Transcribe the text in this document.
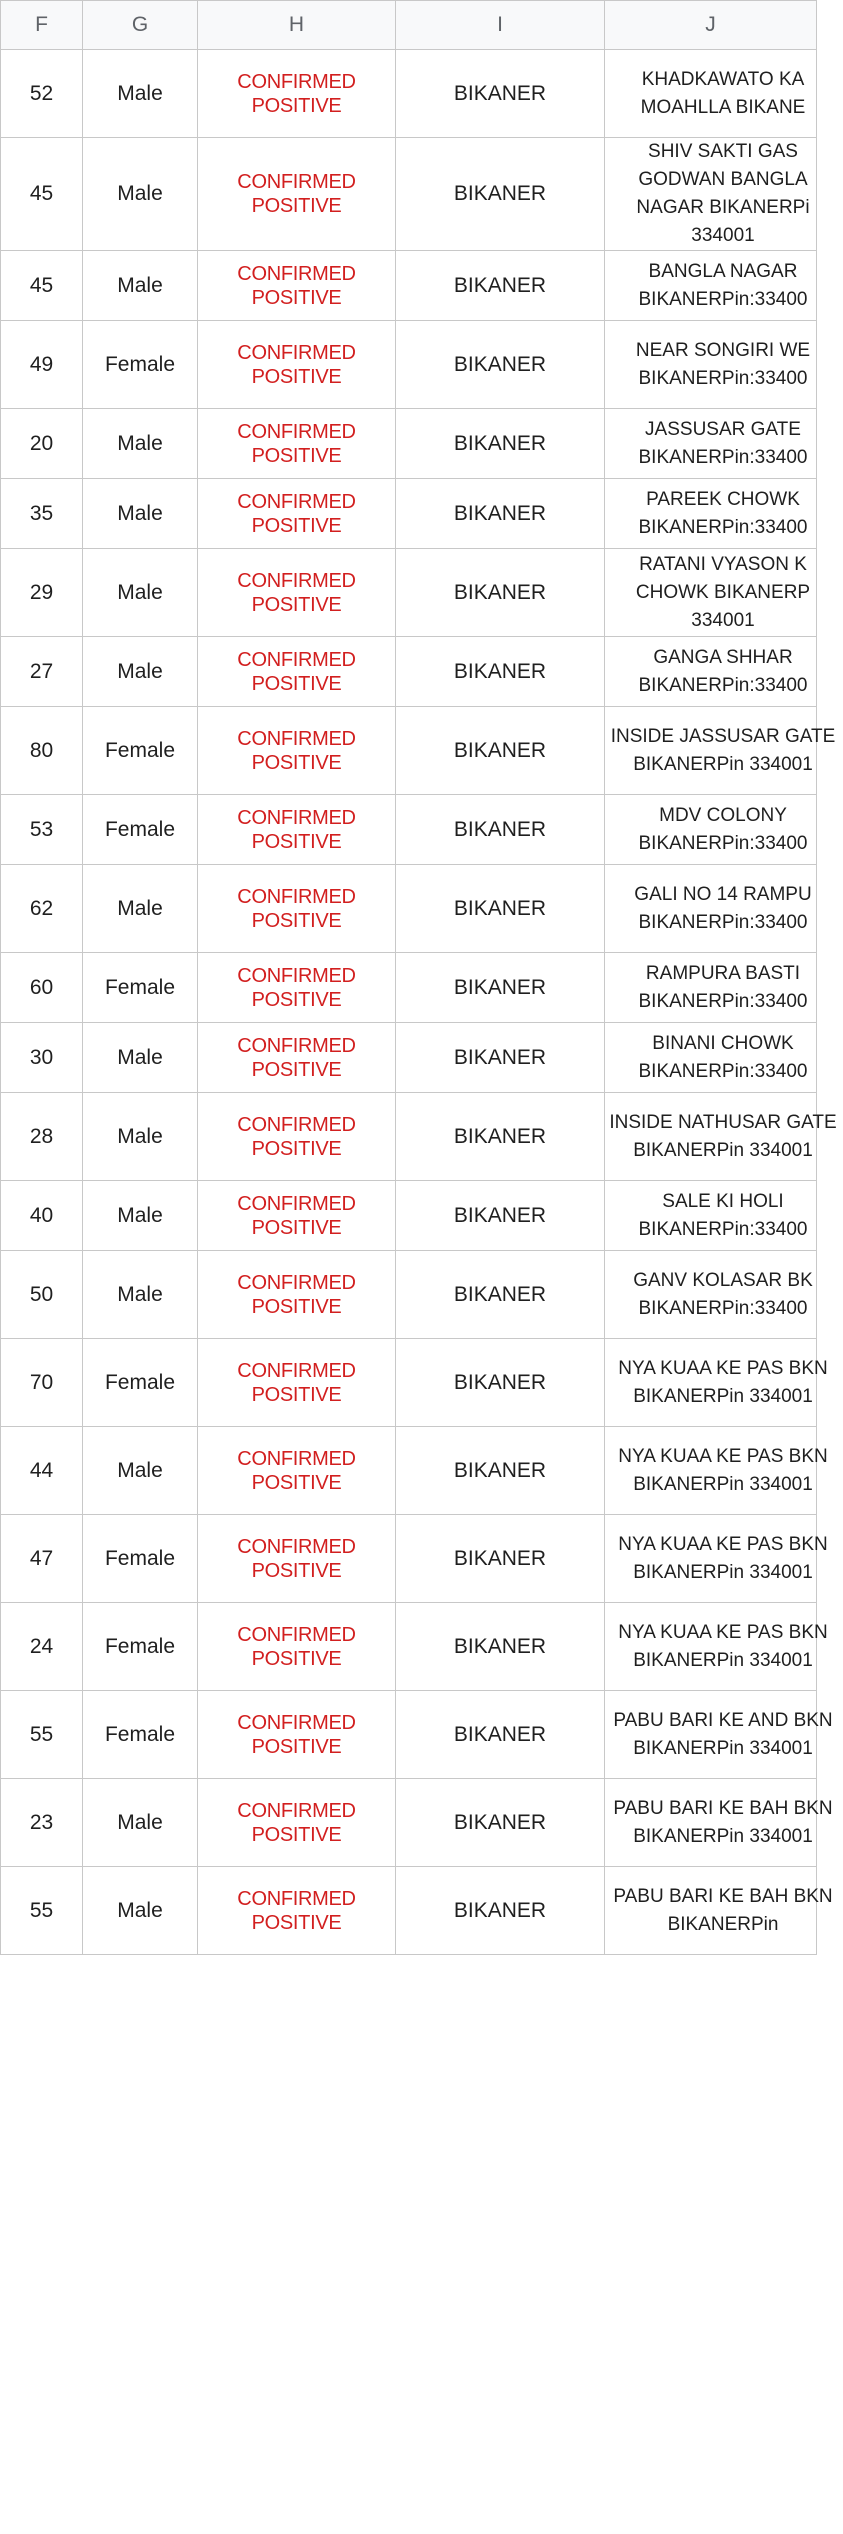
F	G	H	I	J
52	Male	CONFIRMED POSITIVE	BIKANER	KHADKAWATO KA MOAHLLA BIKANE

45	Male	CONFIRMED POSITIVE	BIKANER	SHIV SAKTI GAS GODWAN BANGLA NAGAR BIKANERPi 334001

45	Male	CONFIRMED POSITIVE	BIKANER	BANGLA NAGAR BIKANERPin:33400

49	Female	CONFIRMED POSITIVE	BIKANER	NEAR SONGIRI WE BIKANERPin:33400

20	Male	CONFIRMED POSITIVE	BIKANER	JASSUSAR GATE BIKANERPin:33400

35	Male	CONFIRMED POSITIVE	BIKANER	PAREEK CHOWK BIKANERPin:33400

29	Male	CONFIRMED POSITIVE	BIKANER	RATANI VYASON K CHOWK BIKANERP 334001

27	Male	CONFIRMED POSITIVE	BIKANER	GANGA SHHAR BIKANERPin:33400

80	Female	CONFIRMED POSITIVE	BIKANER	INSIDE JASSUSAR GATE BIKANERPin 334001

53	Female	CONFIRMED POSITIVE	BIKANER	MDV COLONY BIKANERPin:33400

62	Male	CONFIRMED POSITIVE	BIKANER	GALI NO 14 RAMPU BIKANERPin:33400

60	Female	CONFIRMED POSITIVE	BIKANER	RAMPURA BASTI BIKANERPin:33400

30	Male	CONFIRMED POSITIVE	BIKANER	BINANI CHOWK BIKANERPin:33400

28	Male	CONFIRMED POSITIVE	BIKANER	INSIDE NATHUSAR GATE BIKANERPin 334001

40	Male	CONFIRMED POSITIVE	BIKANER	SALE KI HOLI BIKANERPin:33400

50	Male	CONFIRMED POSITIVE	BIKANER	GANV KOLASAR BK BIKANERPin:33400

70	Female	CONFIRMED POSITIVE	BIKANER	NYA KUAA KE PAS BKN BIKANERPin 334001

44	Male	CONFIRMED POSITIVE	BIKANER	NYA KUAA KE PAS BKN BIKANERPin 334001

47	Female	CONFIRMED POSITIVE	BIKANER	NYA KUAA KE PAS BKN BIKANERPin 334001

24	Female	CONFIRMED POSITIVE	BIKANER	NYA KUAA KE PAS BKN BIKANERPin 334001

55	Female	CONFIRMED POSITIVE	BIKANER	PABU BARI KE AND BKN BIKANERPin 334001

23	Male	CONFIRMED POSITIVE	BIKANER	PABU BARI KE BAH BKN BIKANERPin 334001

55	Male	CONFIRMED POSITIVE	BIKANER	PABU BARI KE BAH BKN BIKANERPin
